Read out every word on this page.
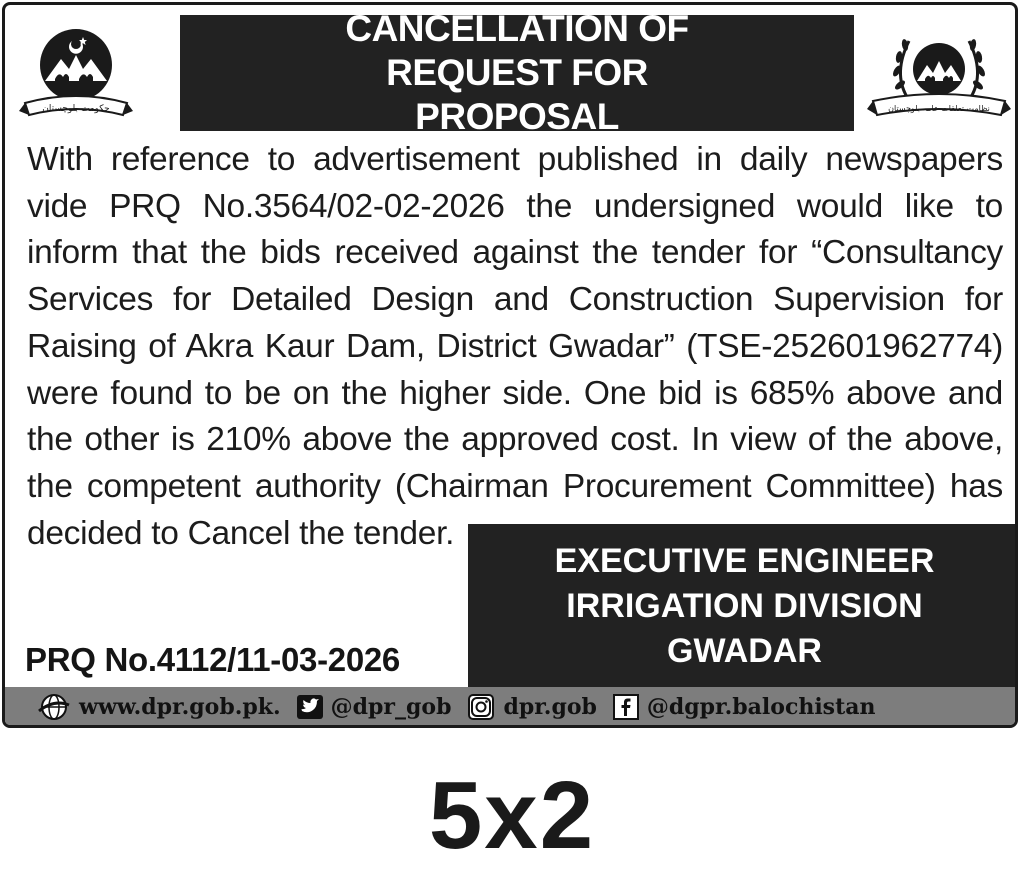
حکومت بلوچستان
CANCELLATION OF REQUEST FOR PROPOSAL	نظامت تعلقات عامہ بلوچستان

With reference to advertisement published in daily newspapers vide PRQ No.3564/02-02-2026 the undersigned would like to inform that the bids received against the tender for “Consultancy Services for Detailed Design and Construction Supervision for Raising of Akra Kaur Dam, District Gwadar” (TSE-252601962774) were found to be on the higher side. One bid is 685% above and the other is 210% above the approved cost. In view of the above, the competent authority (Chairman Procurement Committee) has decided to Cancel the tender.

EXECUTIVE ENGINEER
IRRIGATION DIVISION
GWADAR
PRQ No.4112/11-03-2026
www.dpr.gob.pk. @dpr_gob dpr.gob @dgpr.balochistan
5x2
